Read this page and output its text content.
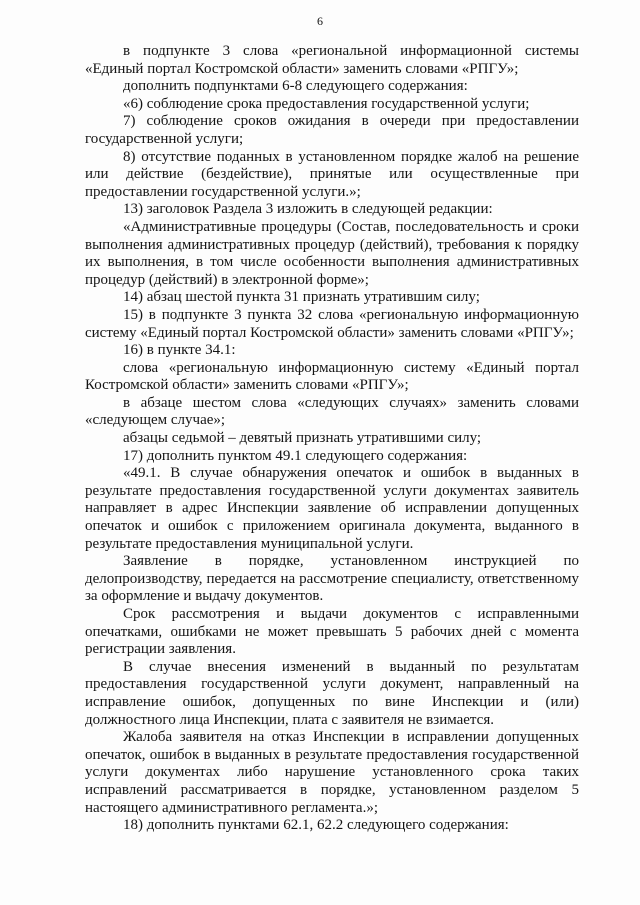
6

в подпункте 3 слова «региональной информационной системы «Единый портал Костромской области» заменить словами «РПГУ»;

дополнить подпунктами 6-8 следующего содержания:

«6) соблюдение срока предоставления государственной услуги;

7) соблюдение сроков ожидания в очереди при предоставлении государственной услуги;

8) отсутствие поданных в установленном порядке жалоб на решение или действие (бездействие), принятые или осуществленные при предоставлении государственной услуги.»;

13) заголовок Раздела 3 изложить в следующей редакции:

«Административные процедуры (Состав, последовательность и сроки выполнения административных процедур (действий), требования к порядку их выполнения, в том числе особенности выполнения административных процедур (действий) в электронной форме»;

14) абзац шестой пункта 31 признать утратившим силу;

15) в подпункте 3 пункта 32 слова «региональную информационную систему «Единый портал Костромской области» заменить словами «РПГУ»;

16) в пункте 34.1:

слова «региональную информационную систему «Единый портал Костромской области» заменить словами «РПГУ»;

в абзаце шестом слова «следующих случаях» заменить словами «следующем случае»;

абзацы седьмой – девятый признать утратившими силу;

17) дополнить пунктом 49.1 следующего содержания:

«49.1. В случае обнаружения опечаток и ошибок в выданных в результате предоставления государственной услуги документах заявитель направляет в адрес Инспекции заявление об исправлении допущенных опечаток и ошибок с приложением оригинала документа, выданного в результате предоставления муниципальной услуги.

Заявление в порядке, установленном инструкцией по делопроизводству, передается на рассмотрение специалисту, ответственному за оформление и выдачу документов.

Срок рассмотрения и выдачи документов с исправленными опечатками, ошибками не может превышать 5 рабочих дней с момента регистрации заявления.

В случае внесения изменений в выданный по результатам предоставления государственной услуги документ, направленный на исправление ошибок, допущенных по вине Инспекции и (или) должностного лица Инспекции, плата с заявителя не взимается.

Жалоба заявителя на отказ Инспекции в исправлении допущенных опечаток, ошибок в выданных в результате предоставления государственной услуги документах либо нарушение установленного срока таких исправлений рассматривается в порядке, установленном разделом 5 настоящего административного регламента.»;

18) дополнить пунктами 62.1, 62.2 следующего содержания:
